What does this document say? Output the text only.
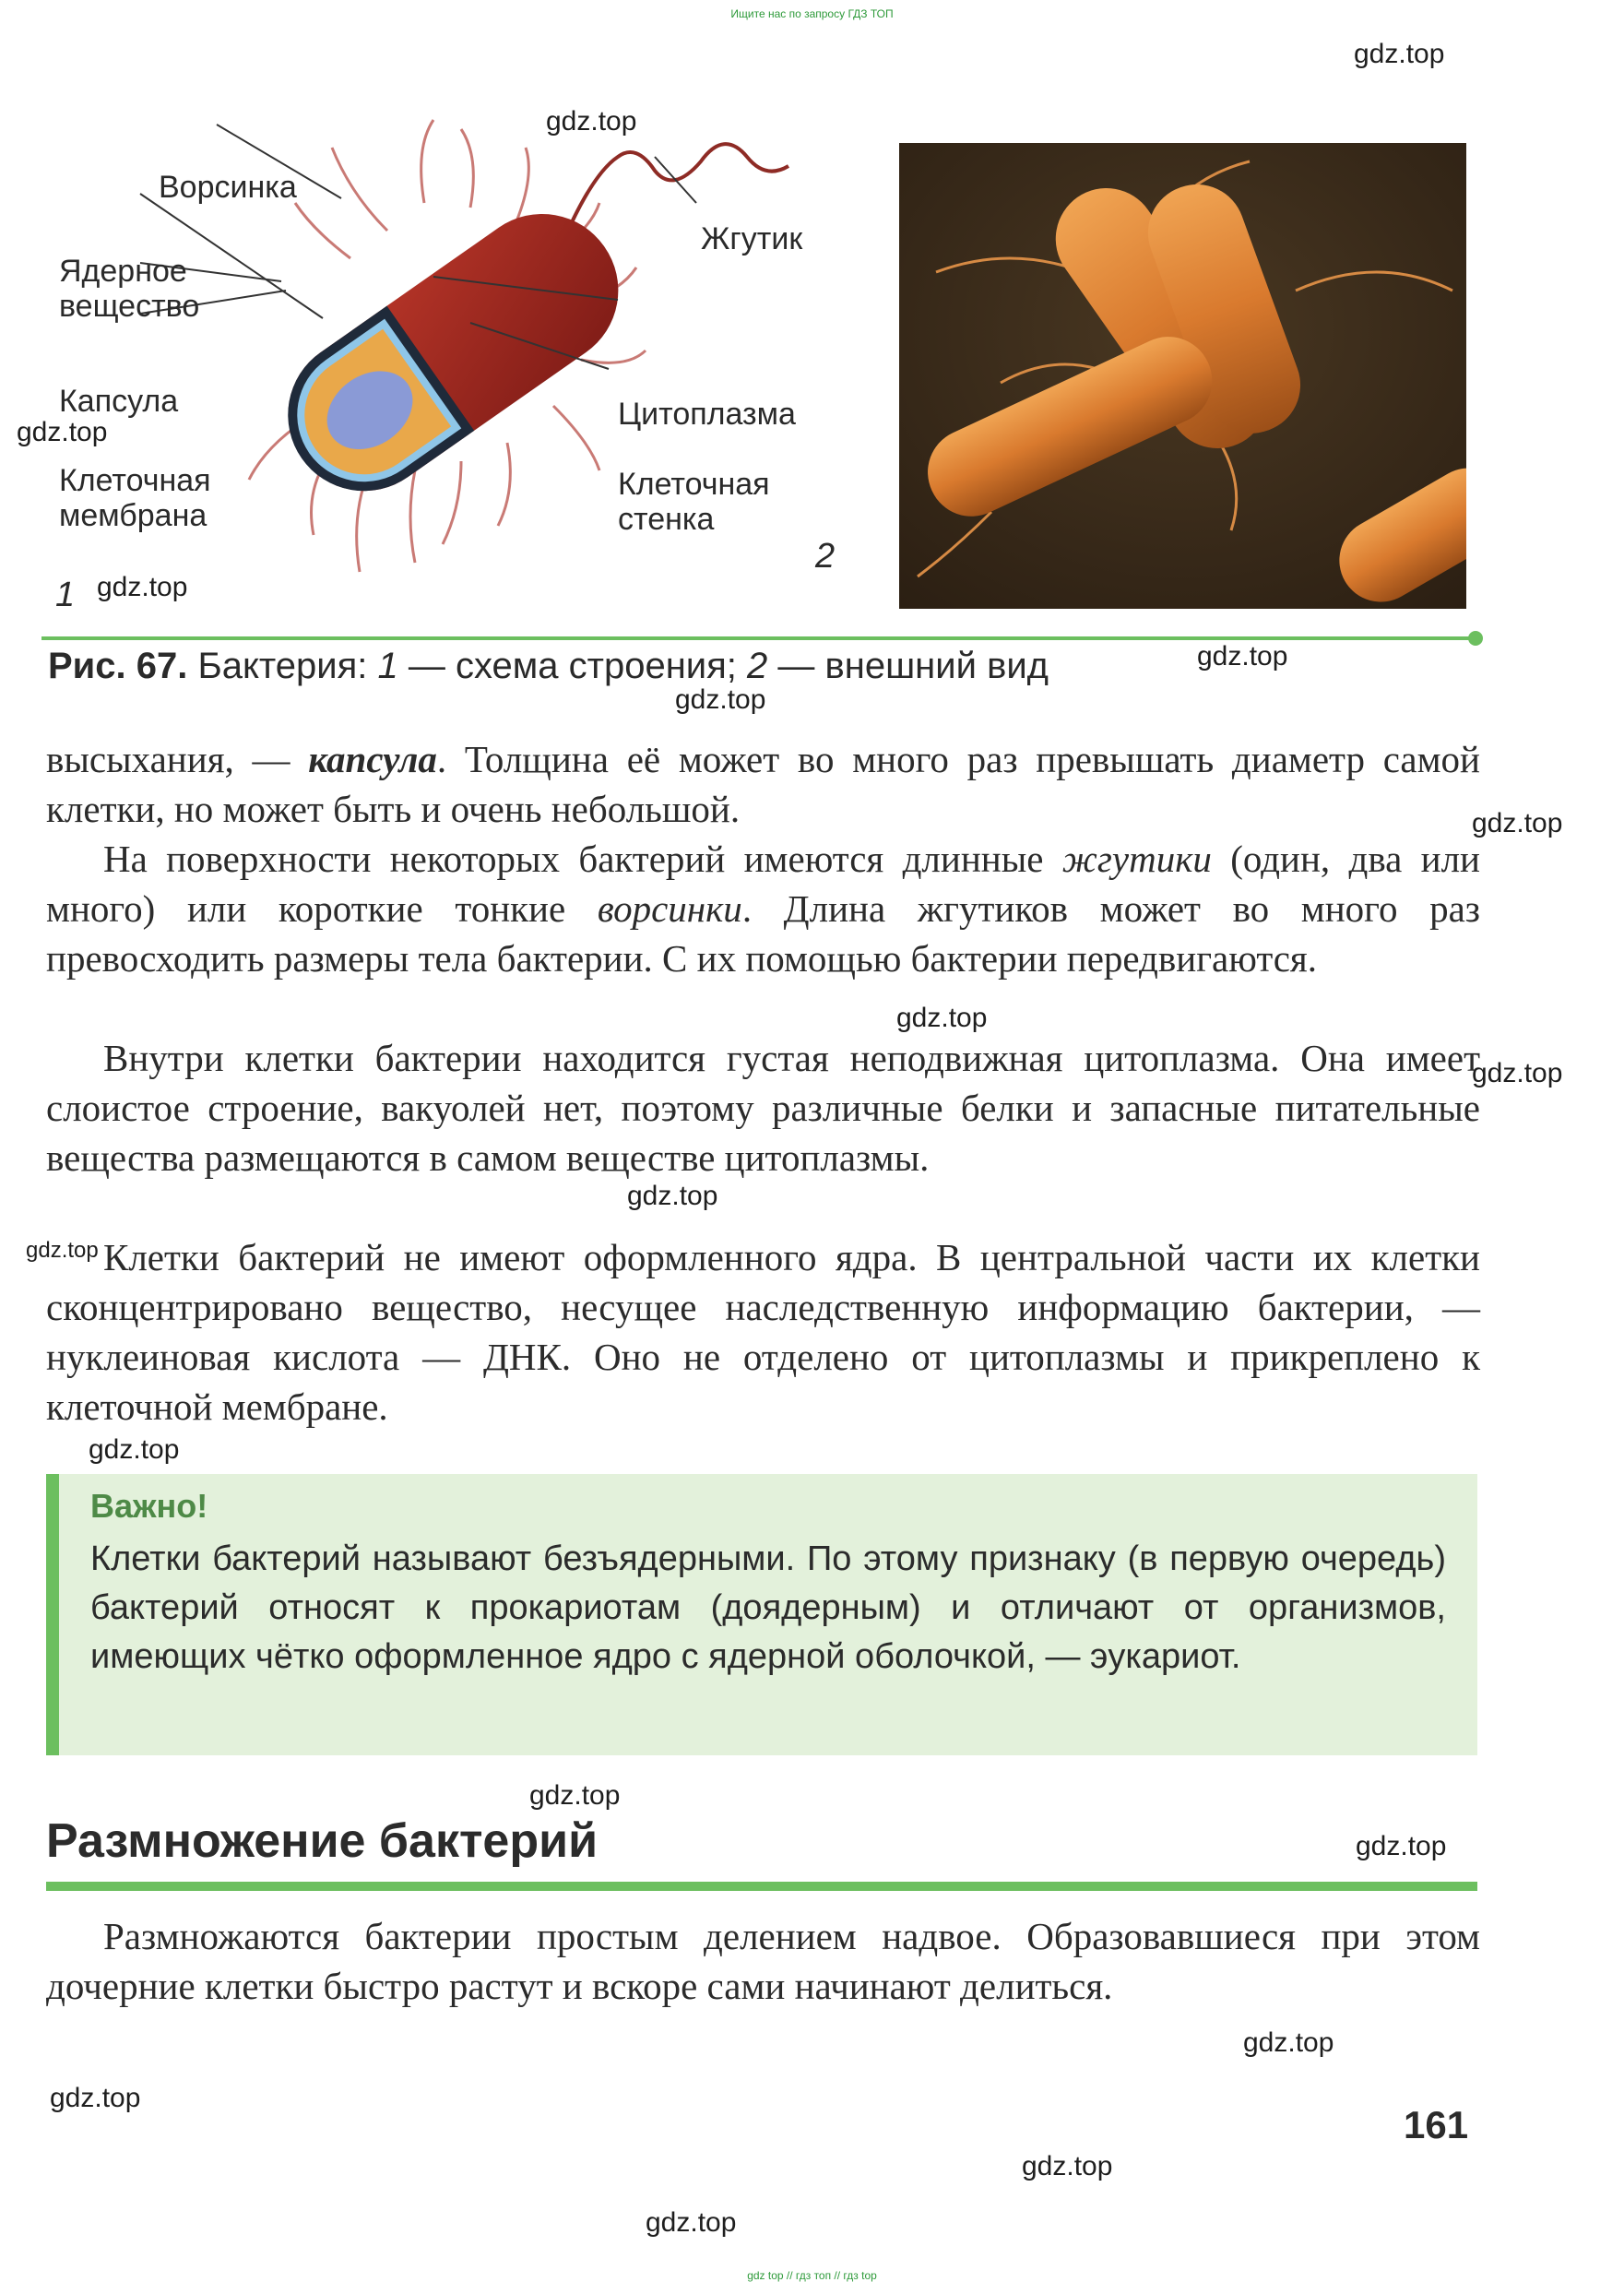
Ищите нас по запросу ГДЗ ТОП
gdz.top
gdz.top
gdz.top
gdz.top
gdz.top
gdz.top
gdz.top
gdz.top
gdz.top
gdz.top
gdz.top
gdz.top
gdz.top
gdz.top
gdz.top
gdz.top
gdz.top
gdz.top
Ворсинка
Ядерное
вещество
Капсула
Клеточная
мембрана
Жгутик
Цитоплазма
Клеточная
стенка
1
2
Рис. 67. Бактерия: 1 — схема строения; 2 — внешний вид

высыхания, — капсула. Толщина её может во много раз превышать диаметр самой клетки, но может быть и очень небольшой.

На поверхности некоторых бактерий имеются длинные жгутики (один, два или много) или короткие тонкие ворсинки. Длина жгутиков может во много раз превосходить размеры тела бактерии. С их помощью бактерии передвигаются.

Внутри клетки бактерии находится густая неподвижная цитоплазма. Она имеет слоистое строение, вакуолей нет, поэтому различные белки и запасные питательные вещества размещаются в самом веществе цитоплазмы.

Клетки бактерий не имеют оформленного ядра. В центральной части их клетки сконцентрировано вещество, несущее наследственную информацию бактерии, — нуклеиновая кислота — ДНК. Оно не отделено от цитоплазмы и прикреплено к клеточной мембране.

Важно!

Клетки бактерий называют безъядерными. По этому признаку (в первую очередь) бактерий относят к прокариотам (доядерным) и отличают от организмов, имеющих чётко оформленное ядро с ядерной оболочкой, — эукариот.

Размножение бактерий

Размножаются бактерии простым делением надвое. Образовавшиеся при этом дочерние клетки быстро растут и вскоре сами начинают делиться.

161
gdz top // гдз топ // гдз top
